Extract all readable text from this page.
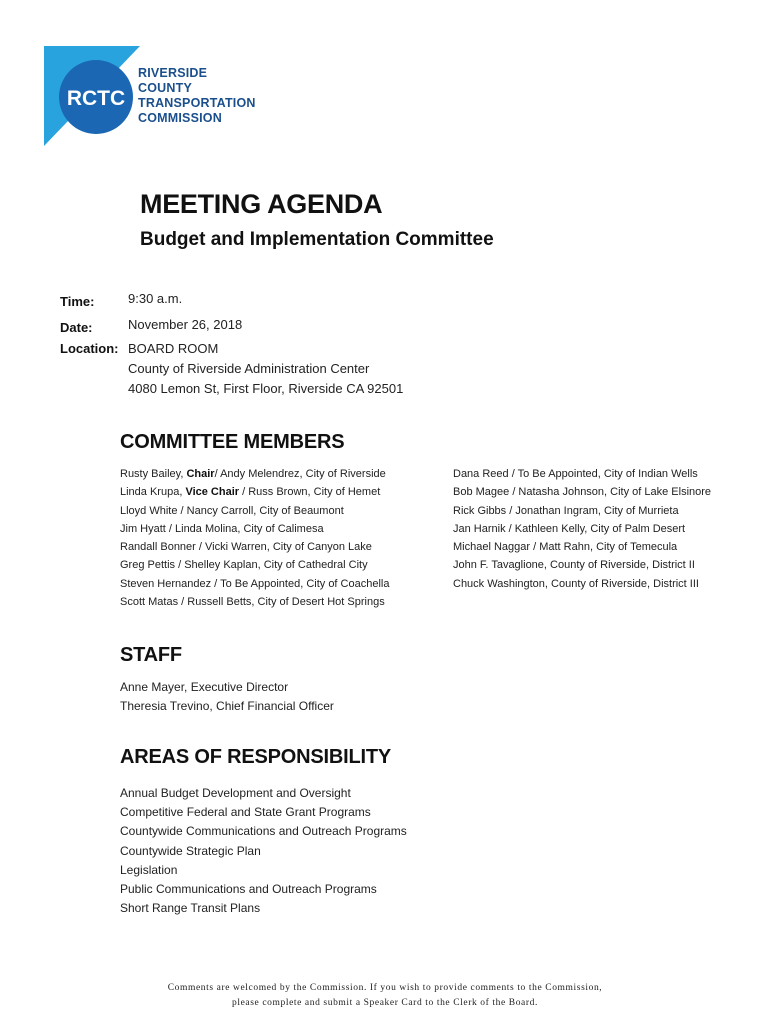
RCTC
RIVERSIDE
COUNTY
TRANSPORTATION
COMMISSION
MEETING AGENDA
Budget and Implementation Committee
Time:	9:30 a.m.
Date:	November 26, 2018
Location: BOARD ROOM
County of Riverside Administration Center
4080 Lemon St, First Floor, Riverside CA 92501
COMMITTEE MEMBERS
Rusty Bailey, Chair/ Andy Melendrez, City of Riverside
Linda Krupa, Vice Chair / Russ Brown, City of Hemet
Lloyd White / Nancy Carroll, City of Beaumont
Jim Hyatt / Linda Molina, City of Calimesa
Randall Bonner / Vicki Warren, City of Canyon Lake
Greg Pettis / Shelley Kaplan, City of Cathedral City
Steven Hernandez / To Be Appointed, City of Coachella
Scott Matas / Russell Betts, City of Desert Hot Springs
Dana Reed / To Be Appointed, City of Indian Wells
Bob Magee / Natasha Johnson, City of Lake Elsinore
Rick Gibbs / Jonathan Ingram, City of Murrieta
Jan Harnik / Kathleen Kelly, City of Palm Desert
Michael Naggar / Matt Rahn, City of Temecula
John F. Tavaglione, County of Riverside, District II
Chuck Washington, County of Riverside, District III
STAFF
Anne Mayer, Executive Director
Theresia Trevino, Chief Financial Officer
AREAS OF RESPONSIBILITY
Annual Budget Development and Oversight
Competitive Federal and State Grant Programs
Countywide Communications and Outreach Programs
Countywide Strategic Plan
Legislation
Public Communications and Outreach Programs
Short Range Transit Plans
Comments are welcomed by the Commission. If you wish to provide comments to the Commission,
please complete and submit a Speaker Card to the Clerk of the Board.
